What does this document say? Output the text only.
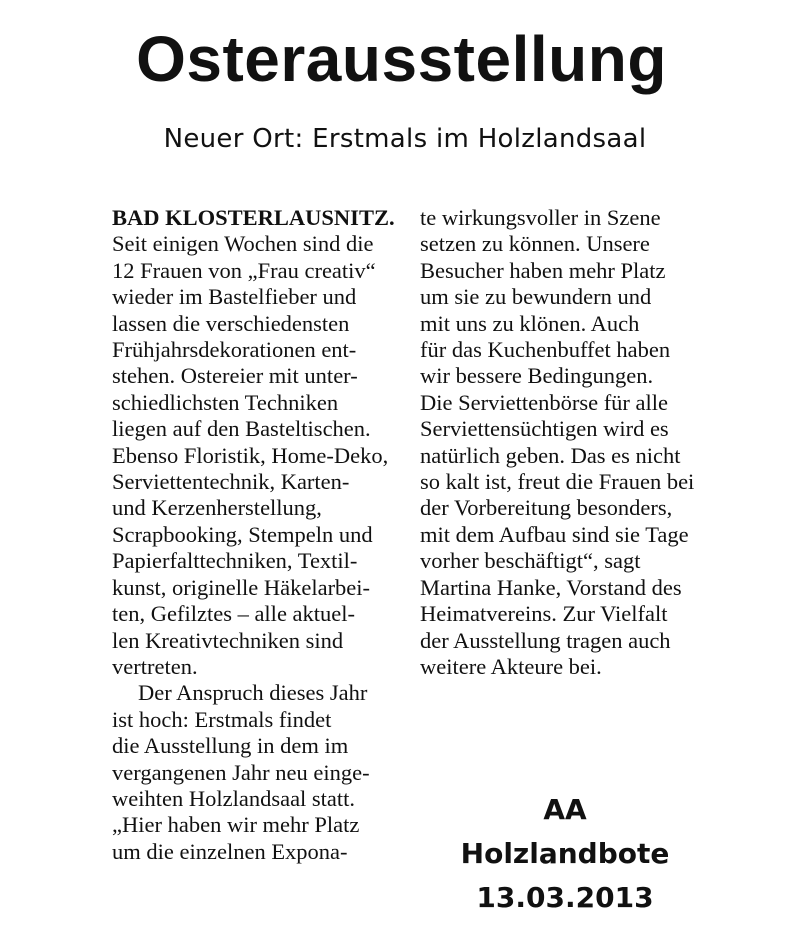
Osterausstellung
Neuer Ort: Erstmals im Holzlandsaal
BAD KLOSTERLAUSNITZ.
Seit einigen Wochen sind die
12 Frauen von „Frau creativ“
wieder im Bastelfieber und
lassen die verschiedensten
Frühjahrsdekorationen ent-
stehen. Ostereier mit unter-
schiedlichsten Techniken
liegen auf den Basteltischen.
Ebenso Floristik, Home-Deko,
Serviettentechnik, Karten-
und Kerzenherstellung,
Scrapbooking, Stempeln und
Papierfalttechniken, Textil-
kunst, originelle Häkelarbei-
ten, Gefilztes – alle aktuel-
len Kreativtechniken sind
vertreten.
Der Anspruch dieses Jahr
ist hoch: Erstmals findet
die Ausstellung in dem im
vergangenen Jahr neu einge-
weihten Holzlandsaal statt.
„Hier haben wir mehr Platz
um die einzelnen Expona-
te wirkungsvoller in Szene
setzen zu können. Unsere
Besucher haben mehr Platz
um sie zu bewundern und
mit uns zu klönen. Auch
für das Kuchenbuffet haben
wir bessere Bedingungen.
Die Serviettenbörse für alle
Serviettensüchtigen wird es
natürlich geben. Das es nicht
so kalt ist, freut die Frauen bei
der Vorbereitung besonders,
mit dem Aufbau sind sie Tage
vorher beschäftigt“, sagt
Martina Hanke, Vorstand des
Heimatvereins. Zur Vielfalt
der Ausstellung tragen auch
weitere Akteure bei.
AA Holzlandbote
13.03.2013
